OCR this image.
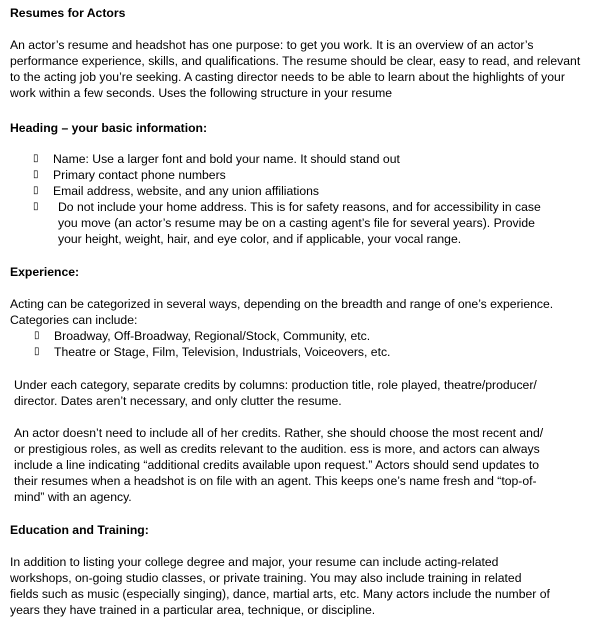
Resumes for Actors

An actor’s resume and headshot has one purpose: to get you work. It is an overview of an actor’s performance experience, skills, and qualifications. The resume should be clear, easy to read, and relevant to the acting job you’re seeking. A casting director needs to be able to learn about the highlights of your work within a few seconds. Uses the following structure in your resume

Heading – your basic information:
▯ Name: Use a larger font and bold your name. It should stand out
▯ Primary contact phone numbers
▯ Email address, website, and any union affiliations
▯ Do not include your home address. This is for safety reasons, and for accessibility in case you move (an actor’s resume may be on a casting agent’s file for several years). Provide your height, weight, hair, and eye color, and if applicable, your vocal range.
Experience:

Acting can be categorized in several ways, depending on the breadth and range of one’s experience. Categories can include:

▯ Broadway, Off-Broadway, Regional/Stock, Community, etc.
▯ Theatre or Stage, Film, Television, Industrials, Voiceovers, etc.

Under each category, separate credits by columns: production title, role played, theatre/producer/ director. Dates aren’t necessary, and only clutter the resume.

An actor doesn’t need to include all of her credits. Rather, she should choose the most recent and/ or prestigious roles, as well as credits relevant to the audition. ess is more, and actors can always include a line indicating “additional credits available upon request.” Actors should send updates to their resumes when a headshot is on file with an agent. This keeps one’s name fresh and “top-of-mind” with an agency.

Education and Training:

In addition to listing your college degree and major, your resume can include acting-related workshops, on-going studio classes, or private training. You may also include training in related fields such as music (especially singing), dance, martial arts, etc. Many actors include the number of years they have trained in a particular area, technique, or discipline.
